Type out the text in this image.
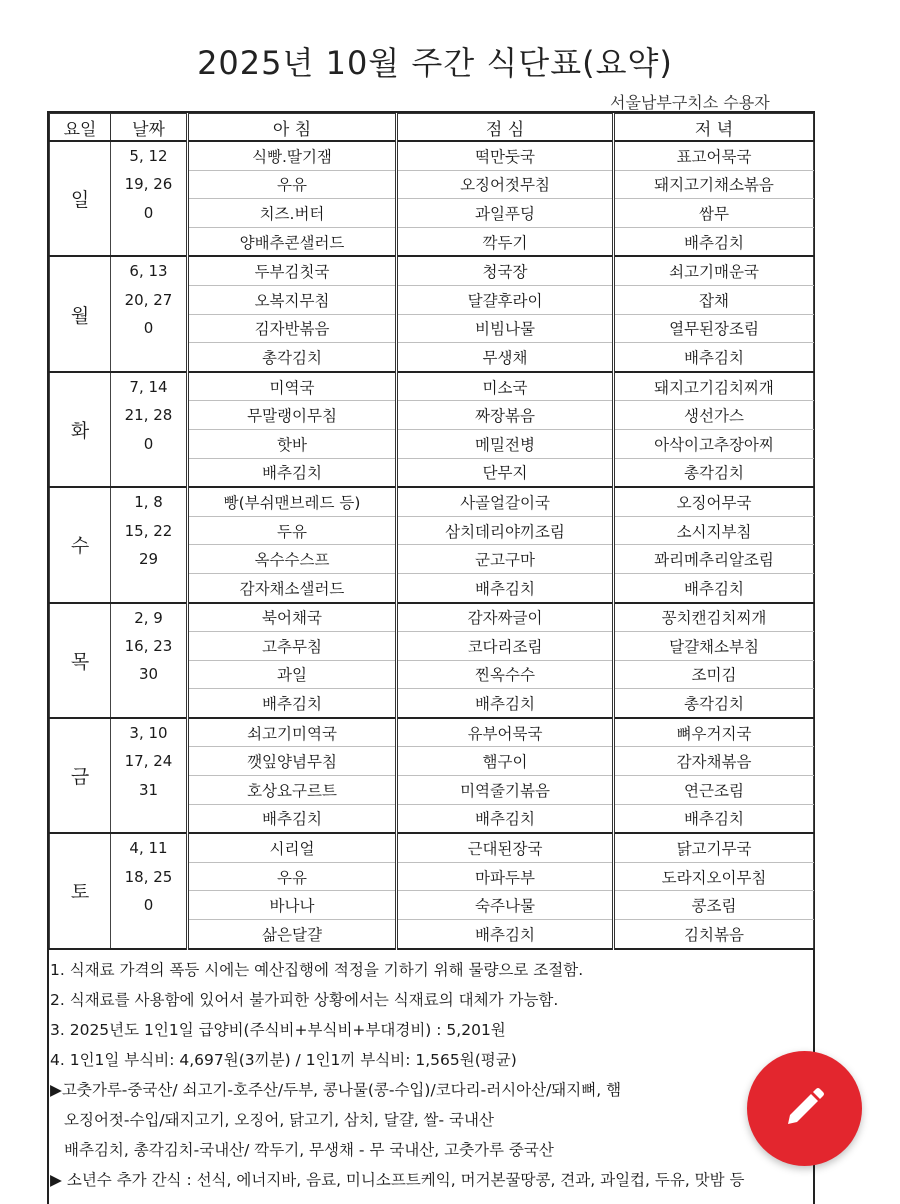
2025년 10월 주간 식단표(요약)
서울남부구치소 수용자
요일	날짜	아 침	점 심	저 녁
일	5, 12	식빵.딸기잼	떡만둣국	표고어묵국
	19, 26	우유	오징어젓무침	돼지고기채소볶음
	0	치즈.버터	과일푸딩	쌈무
		양배추콘샐러드	깍두기	배추김치
월	6, 13	두부김칫국	청국장	쇠고기매운국
	20, 27	오복지무침	달걀후라이	잡채
	0	김자반볶음	비빔나물	열무된장조림
		총각김치	무생채	배추김치
화	7, 14	미역국	미소국	돼지고기김치찌개
	21, 28	무말랭이무침	짜장볶음	생선가스
	0	핫바	메밀전병	아삭이고추장아찌
		배추김치	단무지	총각김치
수	1, 8	빵(부쉬맨브레드 등)	사골얼갈이국	오징어무국
	15, 22	두유	삼치데리야끼조림	소시지부침
	29	옥수수스프	군고구마	꽈리메추리알조림
		감자채소샐러드	배추김치	배추김치
목	2, 9	북어채국	감자짜글이	꽁치캔김치찌개
	16, 23	고추무침	코다리조림	달걀채소부침
	30	과일	찐옥수수	조미김
		배추김치	배추김치	총각김치
금	3, 10	쇠고기미역국	유부어묵국	뼈우거지국
	17, 24	깻잎양념무침	햄구이	감자채볶음
	31	호상요구르트	미역줄기볶음	연근조림
		배추김치	배추김치	배추김치
토	4, 11	시리얼	근대된장국	닭고기무국
	18, 25	우유	마파두부	도라지오이무침
	0	바나나	숙주나물	콩조림
		삶은달걀	배추김치	김치볶음
1. 식재료 가격의 폭등 시에는 예산집행에 적정을 기하기 위해 물량으로 조절함.
2. 식재료를 사용함에 있어서 불가피한 상황에서는 식재료의 대체가 가능함.
3. 2025년도 1인1일 급양비(주식비+부식비+부대경비) : 5,201원
4. 1인1일 부식비: 4,697원(3끼분) / 1인1끼 부식비: 1,565원(평균)
▶고춧가루-중국산/ 쇠고기-호주산/두부, 콩나물(콩-수입)/코다리-러시아산/돼지뼈, 햄
오징어젓-수입/돼지고기, 오징어, 닭고기, 삼치, 달걀, 쌀- 국내산
배추김치, 총각김치-국내산/ 깍두기, 무생채 - 무 국내산, 고춧가루 중국산
▶ 소년수 추가 간식 : 선식, 에너지바, 음료, 미니소프트케익, 머거본꿀땅콩, 견과, 과일컵, 두유, 맛밤 등
